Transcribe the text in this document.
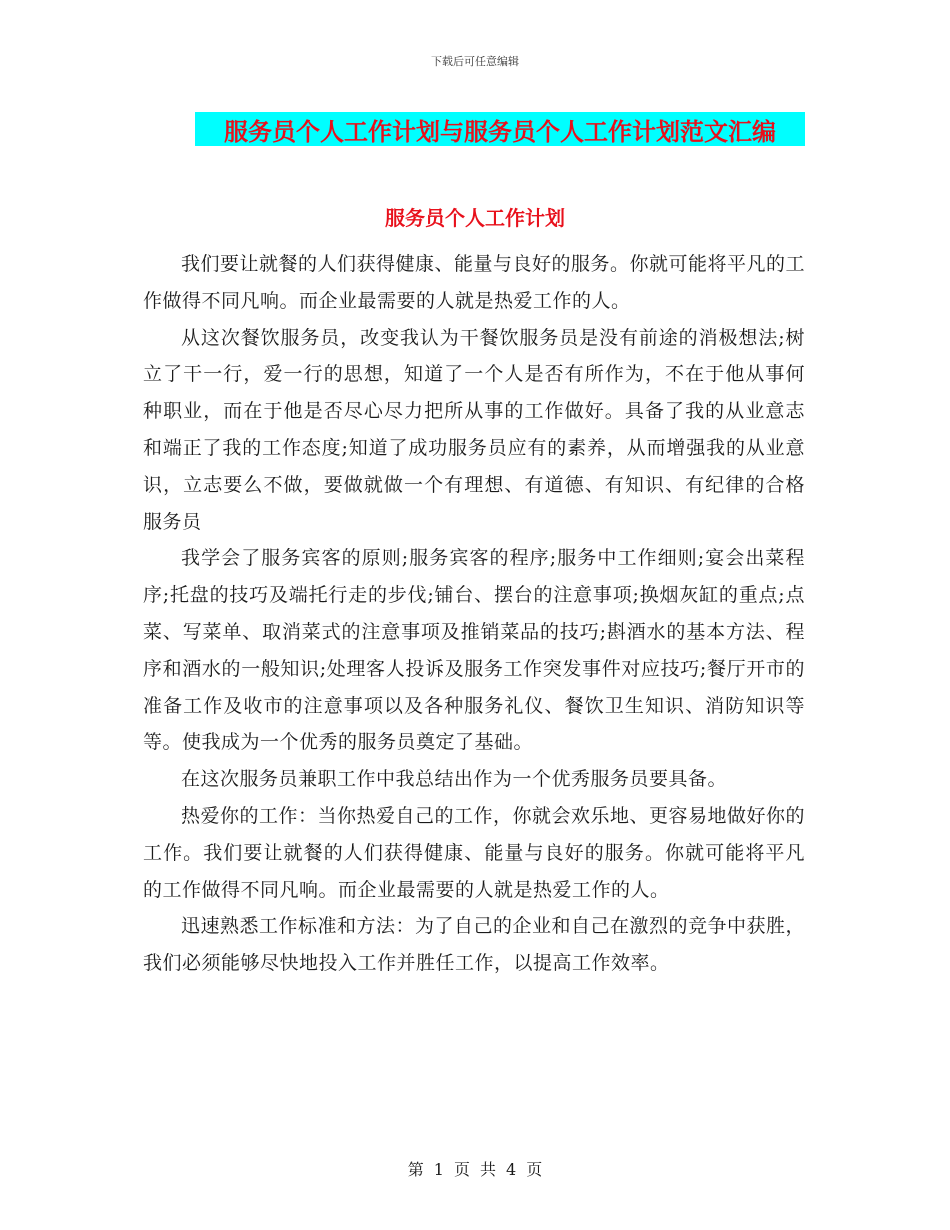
下载后可任意编辑
服务员个人工作计划与服务员个人工作计划范文汇编
服务员个人工作计划

我们要让就餐的人们获得健康、能量与良好的服务。你就可能将平凡的工作做得不同凡响。而企业最需要的人就是热爱工作的人。

从这次餐饮服务员，改变我认为干餐饮服务员是没有前途的消极想法;树立了干一行，爱一行的思想，知道了一个人是否有所作为，不在于他从事何种职业，而在于他是否尽心尽力把所从事的工作做好。具备了我的从业意志和端正了我的工作态度;知道了成功服务员应有的素养，从而增强我的从业意识，立志要么不做，要做就做一个有理想、有道德、有知识、有纪律的合格服务员

我学会了服务宾客的原则;服务宾客的程序;服务中工作细则;宴会出菜程序;托盘的技巧及端托行走的步伐;铺台、摆台的注意事项;换烟灰缸的重点;点菜、写菜单、取消菜式的注意事项及推销菜品的技巧;斟酒水的基本方法、程序和酒水的一般知识;处理客人投诉及服务工作突发事件对应技巧;餐厅开市的准备工作及收市的注意事项以及各种服务礼仪、餐饮卫生知识、消防知识等等。使我成为一个优秀的服务员奠定了基础。

在这次服务员兼职工作中我总结出作为一个优秀服务员要具备。

热爱你的工作：当你热爱自己的工作，你就会欢乐地、更容易地做好你的工作。我们要让就餐的人们获得健康、能量与良好的服务。你就可能将平凡的工作做得不同凡响。而企业最需要的人就是热爱工作的人。

迅速熟悉工作标准和方法：为了自己的企业和自己在激烈的竞争中获胜，我们必须能够尽快地投入工作并胜任工作，以提高工作效率。

第 1 页 共 4 页
